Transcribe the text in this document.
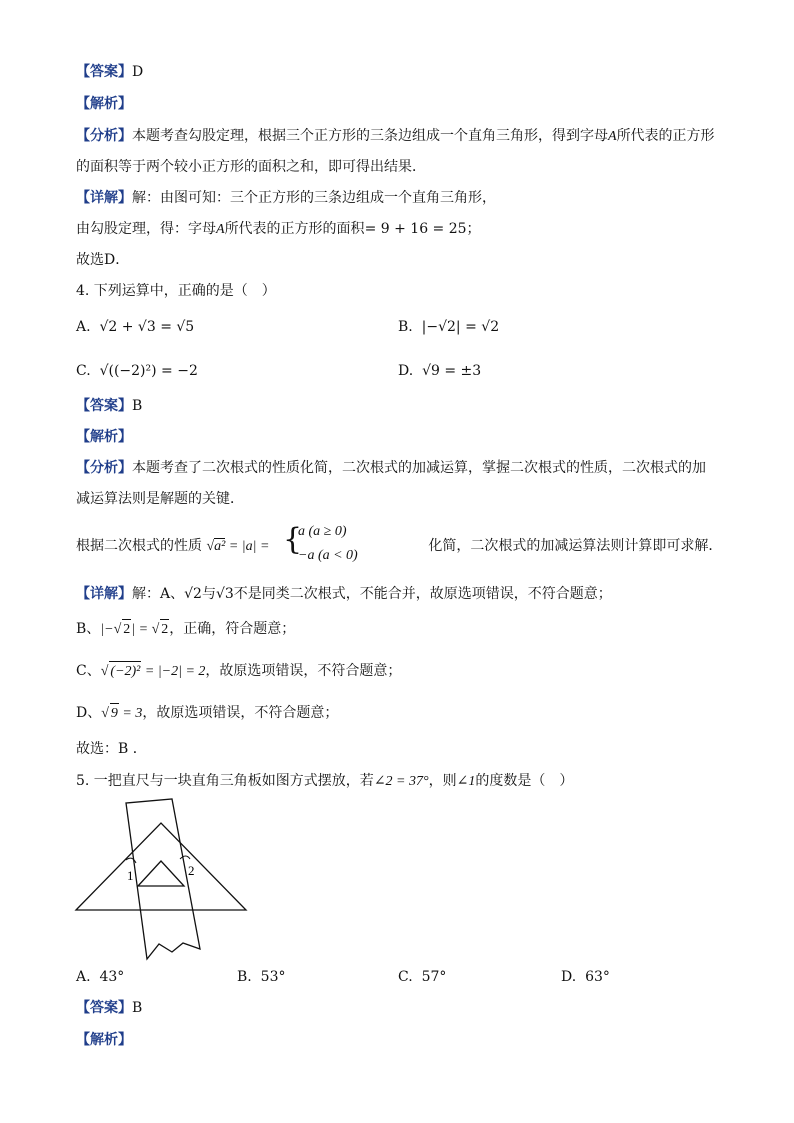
【答案】D
【解析】
【分析】本题考查勾股定理，根据三个正方形的三条边组成一个直角三角形，得到字母A所代表的正方形
的面积等于两个较小正方形的面积之和，即可得出结果．
【详解】解：由图可知：三个正方形的三条边组成一个直角三角形，
由勾股定理，得：字母A所代表的正方形的面积= 9 + 16 = 25；
故选D．
4. 下列运算中，正确的是（　）
A. √2 + √3 = √5	B. |−√2| = √2
C. √((−2)²) = −2	D. √9 = ±3
【答案】B
【解析】
【分析】本题考查了二次根式的性质化简，二次根式的加减运算，掌握二次根式的性质，二次根式的加
减运算法则是解题的关键．
根据二次根式的性质 √a² = |a| =	化简，二次根式的加减运算法则计算即可求解．
{
a (a ≥ 0)
−a (a < 0)
【详解】解：A、√2与√3不是同类二次根式，不能合并，故原选项错误，不符合题意；
B、|−√ 2| = √ 2，正确，符合题意；
C、√ (−2)² = |−2| = 2，故原选项错误，不符合题意；
D、√ 9 = 3，故原选项错误，不符合题意；
故选：B ．
5. 一把直尺与一块直角三角板如图方式摆放，若∠2 = 37°，则∠1的度数是（　）
1	2
A. 43°	B. 53°	C. 57°	D. 63°
【答案】B
【解析】
